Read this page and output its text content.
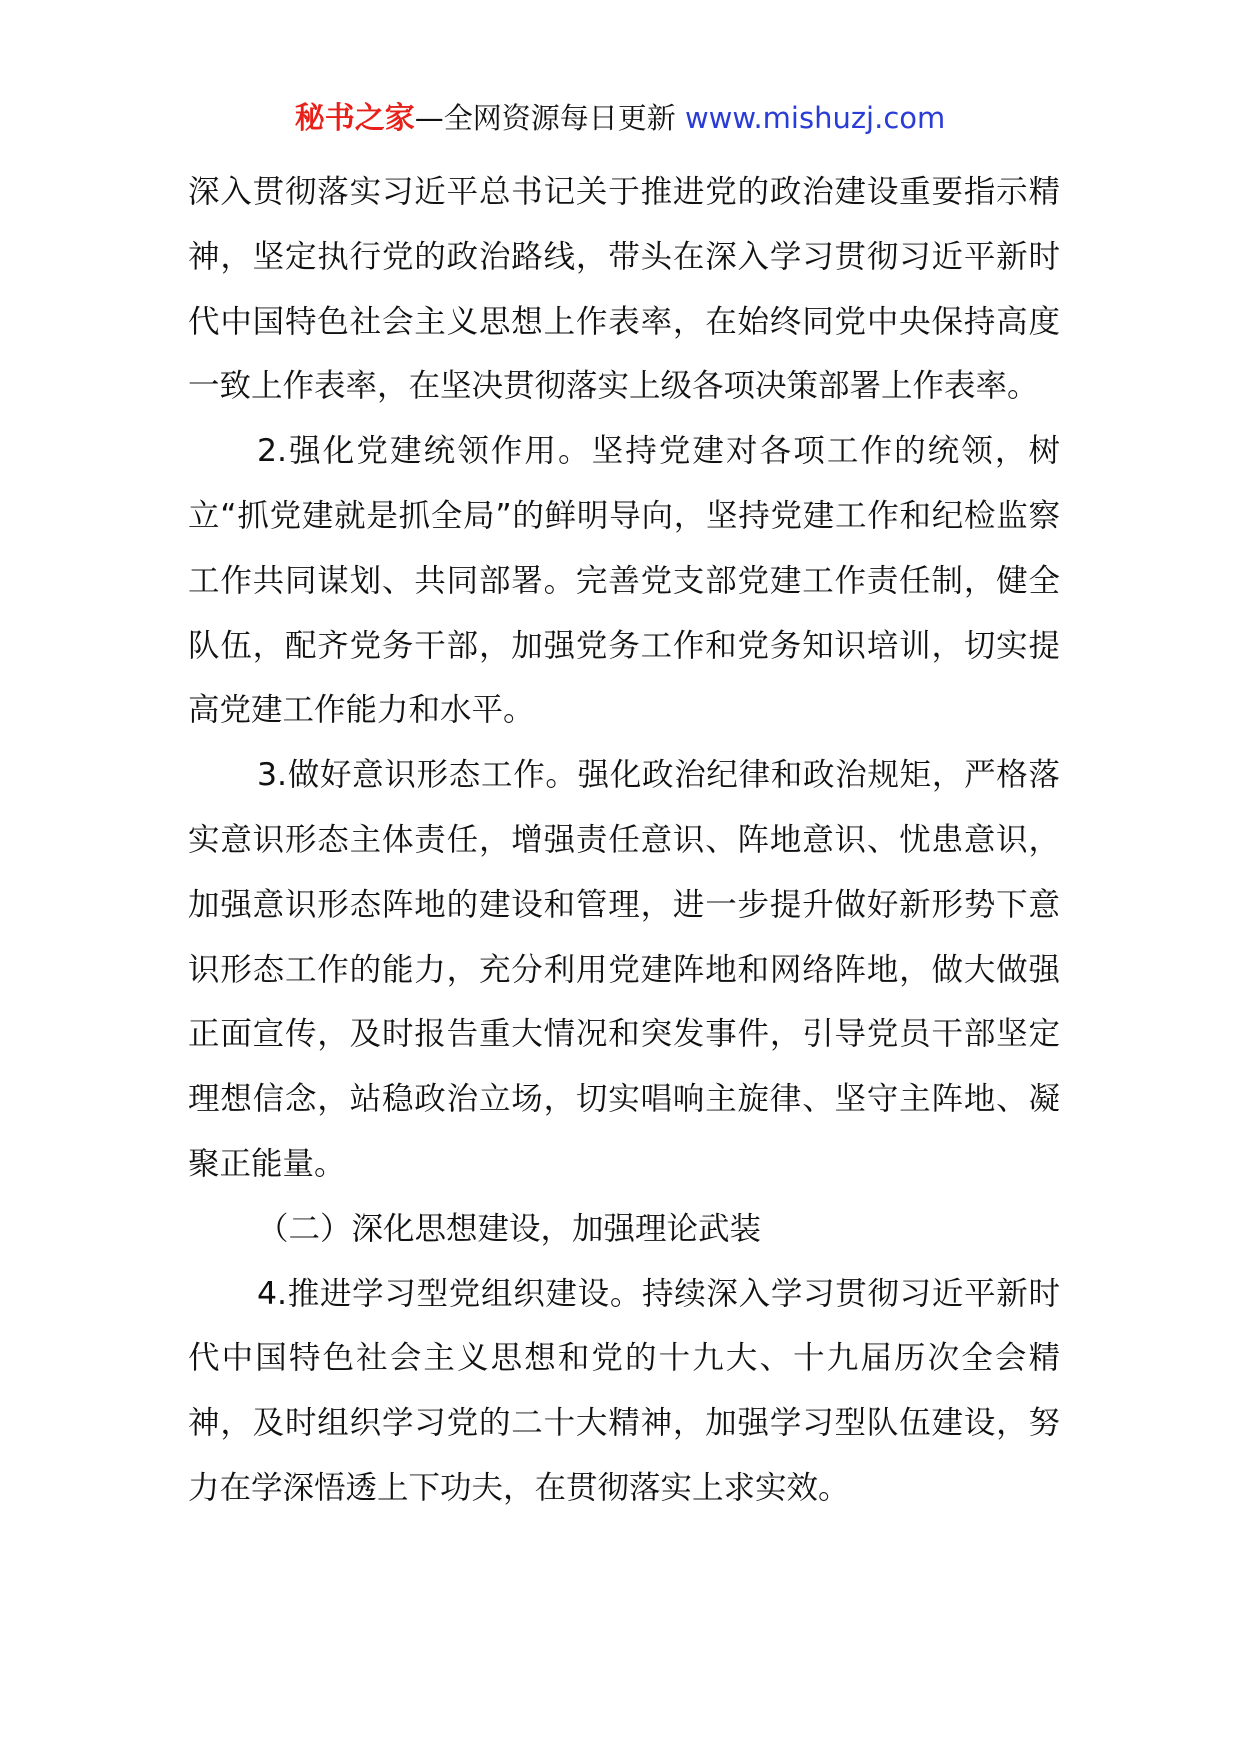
秘书之家—全网资源每日更新 www.mishuzj.com

深入贯彻落实习近平总书记关于推进党的政治建设重要指示精神，坚定执行党的政治路线，带头在深入学习贯彻习近平新时代中国特色社会主义思想上作表率，在始终同党中央保持高度一致上作表率，在坚决贯彻落实上级各项决策部署上作表率。

2.强化党建统领作用。坚持党建对各项工作的统领，树立“抓党建就是抓全局”的鲜明导向，坚持党建工作和纪检监察工作共同谋划、共同部署。完善党支部党建工作责任制，健全队伍，配齐党务干部，加强党务工作和党务知识培训，切实提高党建工作能力和水平。

3.做好意识形态工作。强化政治纪律和政治规矩，严格落实意识形态主体责任，增强责任意识、阵地意识、忧患意识，加强意识形态阵地的建设和管理，进一步提升做好新形势下意识形态工作的能力，充分利用党建阵地和网络阵地，做大做强正面宣传，及时报告重大情况和突发事件，引导党员干部坚定理想信念，站稳政治立场，切实唱响主旋律、坚守主阵地、凝聚正能量。

（二）深化思想建设，加强理论武装

4.推进学习型党组织建设。持续深入学习贯彻习近平新时代中国特色社会主义思想和党的十九大、十九届历次全会精神，及时组织学习党的二十大精神，加强学习型队伍建设，努力在学深悟透上下功夫，在贯彻落实上求实效。
